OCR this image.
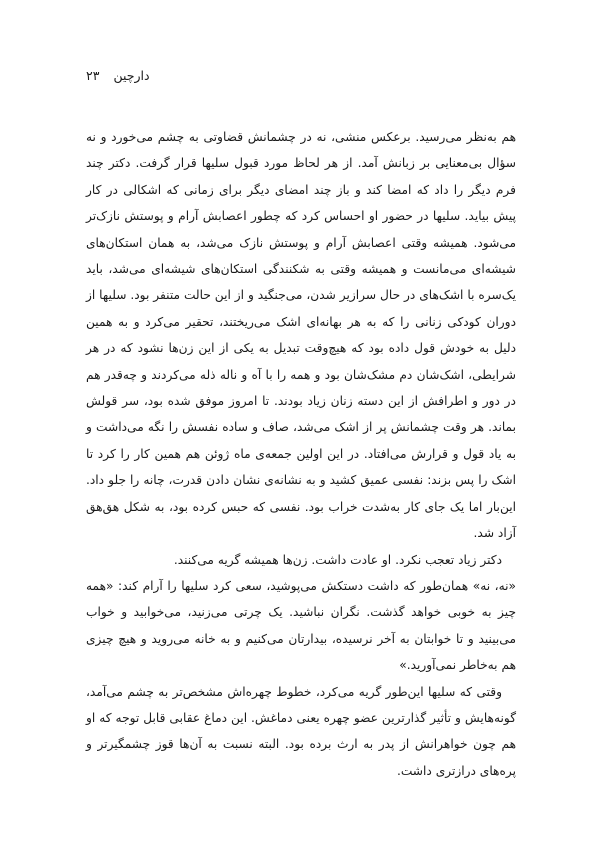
دارچین
۲۳

هم به‌نظر می‌رسید. برعکس منشی، نه در چشمانش قضاوتی به چشم می‌خورد و نه سؤال بی‌معنایی بر زبانش آمد. از هر لحاظ مورد قبول سلیها قرار گرفت. دکتر چند فرم دیگر را داد که امضا کند و باز چند امضای دیگر برای زمانی که اشکالی در کار پیش بیاید. سلیها در حضور او احساس کرد که چطور اعصابش آرام و پوستش نازک‌تر می‌شود. همیشه وقتی اعصابش آرام و پوستش نازک می‌شد، به همان استکان‌های شیشه‌ای می‌مانست و همیشه وقتی به شکنندگی استکان‌های شیشه‌ای می‌شد، باید یک‌سره با اشک‌های در حال سرازیر شدن، می‌جنگید و از این حالت متنفر بود. سلیها از دوران کودکی زنانی را که به هر بهانه‌ای اشک می‌ریختند، تحقیر می‌کرد و به همین دلیل به خودش قول داده بود که هیچ‌وقت تبدیل به یکی از این زن‌ها نشود که در هر شرایطی، اشک‌شان دم مشک‌شان بود و همه را با آه و ناله ذله می‌کردند و چه‌قدر هم در دور و اطرافش از این دسته زنان زیاد بودند. تا امروز موفق شده بود، سر قولش بماند. هر وقت چشمانش پر از اشک می‌شد، صاف و ساده نفسش را نگه می‌داشت و به یاد قول و قرارش می‌افتاد. در این اولین جمعه‌ی ماه ژوئن هم همین کار را کرد تا اشک را پس بزند: نفسی عمیق کشید و به نشانه‌ی نشان دادن قدرت، چانه را جلو داد. این‌بار اما یک جای کار به‌شدت خراب بود. نفسی که حبس کرده بود، به شکل هق‌هق آزاد شد.

دکتر زیاد تعجب نکرد. او عادت داشت. زن‌ها همیشه گریه می‌کنند.

«نه، نه» همان‌طور که داشت دستکش می‌پوشید، سعی کرد سلیها را آرام کند: «همه چیز به خوبی خواهد گذشت. نگران نباشید. یک چرتی می‌زنید، می‌خوابید و خواب می‌بینید و تا خوابتان به آخر نرسیده، بیدارتان می‌کنیم و به خانه می‌روید و هیچ چیزی هم به‌خاطر نمی‌آورید.»

وقتی که سلیها این‌طور گریه می‌کرد، خطوط چهره‌اش مشخص‌تر به چشم می‌آمد، گونه‌هایش و تأثیر گذارترین عضو چهره یعنی دماغش. این دماغ عقابی قابل توجه که او هم چون خواهرانش از پدر به ارث برده بود. البته نسبت به آن‌ها قوز چشمگیرتر و پره‌های درازتری داشت.
